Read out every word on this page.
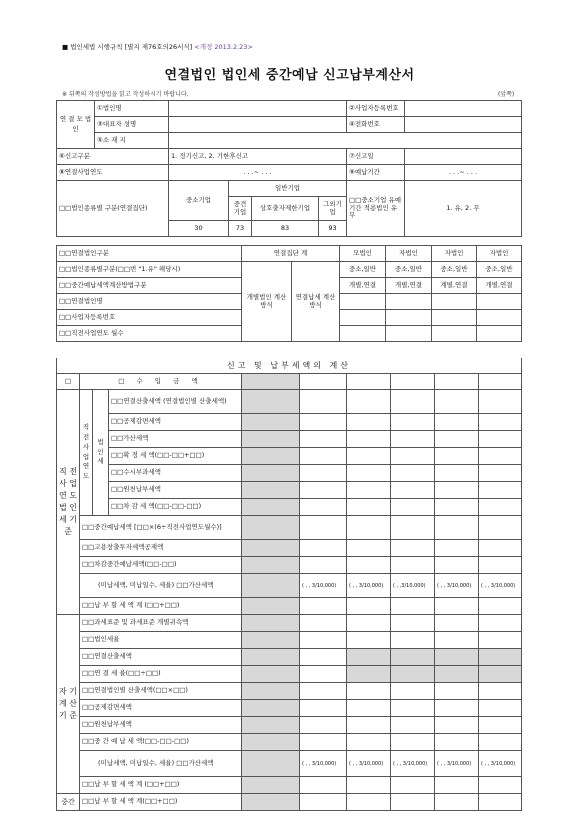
■ 법인세법 시행규칙 [별지 제76호의26서식] <개정 2013.2.23>
연결법인 법인세 중간예납 신고납부계산서
※ 뒤쪽의 작성방법을 읽고 작성하시기 바랍니다.	(앞쪽)
연 결 모 법 인	①법인명					②사업자등록번호	
	③대표자 성명					④전화번호	
	⑤소 재 지						
⑥신고구분		1. 정기신고, 2. 기한후신고				⑦신고일	
⑧연결사업연도		. . .~ . . .				⑨예납기간	. . .~ . . .
□□법인종류별 구분(연결집단)		중소기업	일반기업			□□중소기업 유예기간 적용법인 유무	1. 유, 2. 무
			중견기업	상호출자제한기업	그외기업		
		30	73	83	93		
□□연결법인구분	연결집단 계		모법인	자법인	자법인	자법인
□□법인종류별구분(□□번 "1.유" 해당시)	개별법인 계산방식	연결납세 계산방식	중소,일반	중소,일반	중소,일반	중소,일반
□□중간예납세액계산방법구분			개별,연결	개별,연결	계별,연결	개별,연결
□□연결법인명						
□□사업자등록번호						
□□직전사업연도 월수						
신고 및 납부세액의 계산									
□	□ 수 입 금 액								
직 전 사 업 연 도 법 인 세 기 준	직 전 사 업 연 도	법 인 세	□□연결산출세액 (연결법인별 산출세액)						
			□□공제감면세액						
			□□가산세액						
			□□확 정 세 액(□□-□□+□□)						
			□□수시부과세액						
			□□원천납부세액						
			□□차 감 세 액(□□-□□-□□)						
	□□중간예납세액 [□□×(6÷직전사업연도월수)]								
	□□고용창출투자세액공제액								
	□□차감중간예납세액(□□-□□)								
	(미납세액, 미납일수, 세율) □□가산세액				( , , 3/10,000)	( , , 3/10,000)	( , ,3/10,000)	( , , 3/10,000)	( , , 3/10,000)
	□□납 부 할 세 액 계 (□□+□□)								
자 기 계 산 기 준	□□과세표준 및 과세표준 개별귀속액								
	□□법인세율								
	□□연결산출세액								
	□□연 결 세 율(□□÷□□)								
	□□연결법인별 산출세액(□□×□□)								
	□□공제감면세액								
	□□원천납부세액								
	□□중 간 예 납 세 액(□□-□□-□□)								
	(미납세액, 미납일수, 세율) □□가산세액				( , , 3/10,000)	( , , 3/10,000)	( , , 3/10,000)	( , , 3/10,000)	( , , 3/10,000)
	□□납 부 할 세 액 계 (□□+□□)								
중간	□□납 부 할 세 액 계(□□+□□)								
